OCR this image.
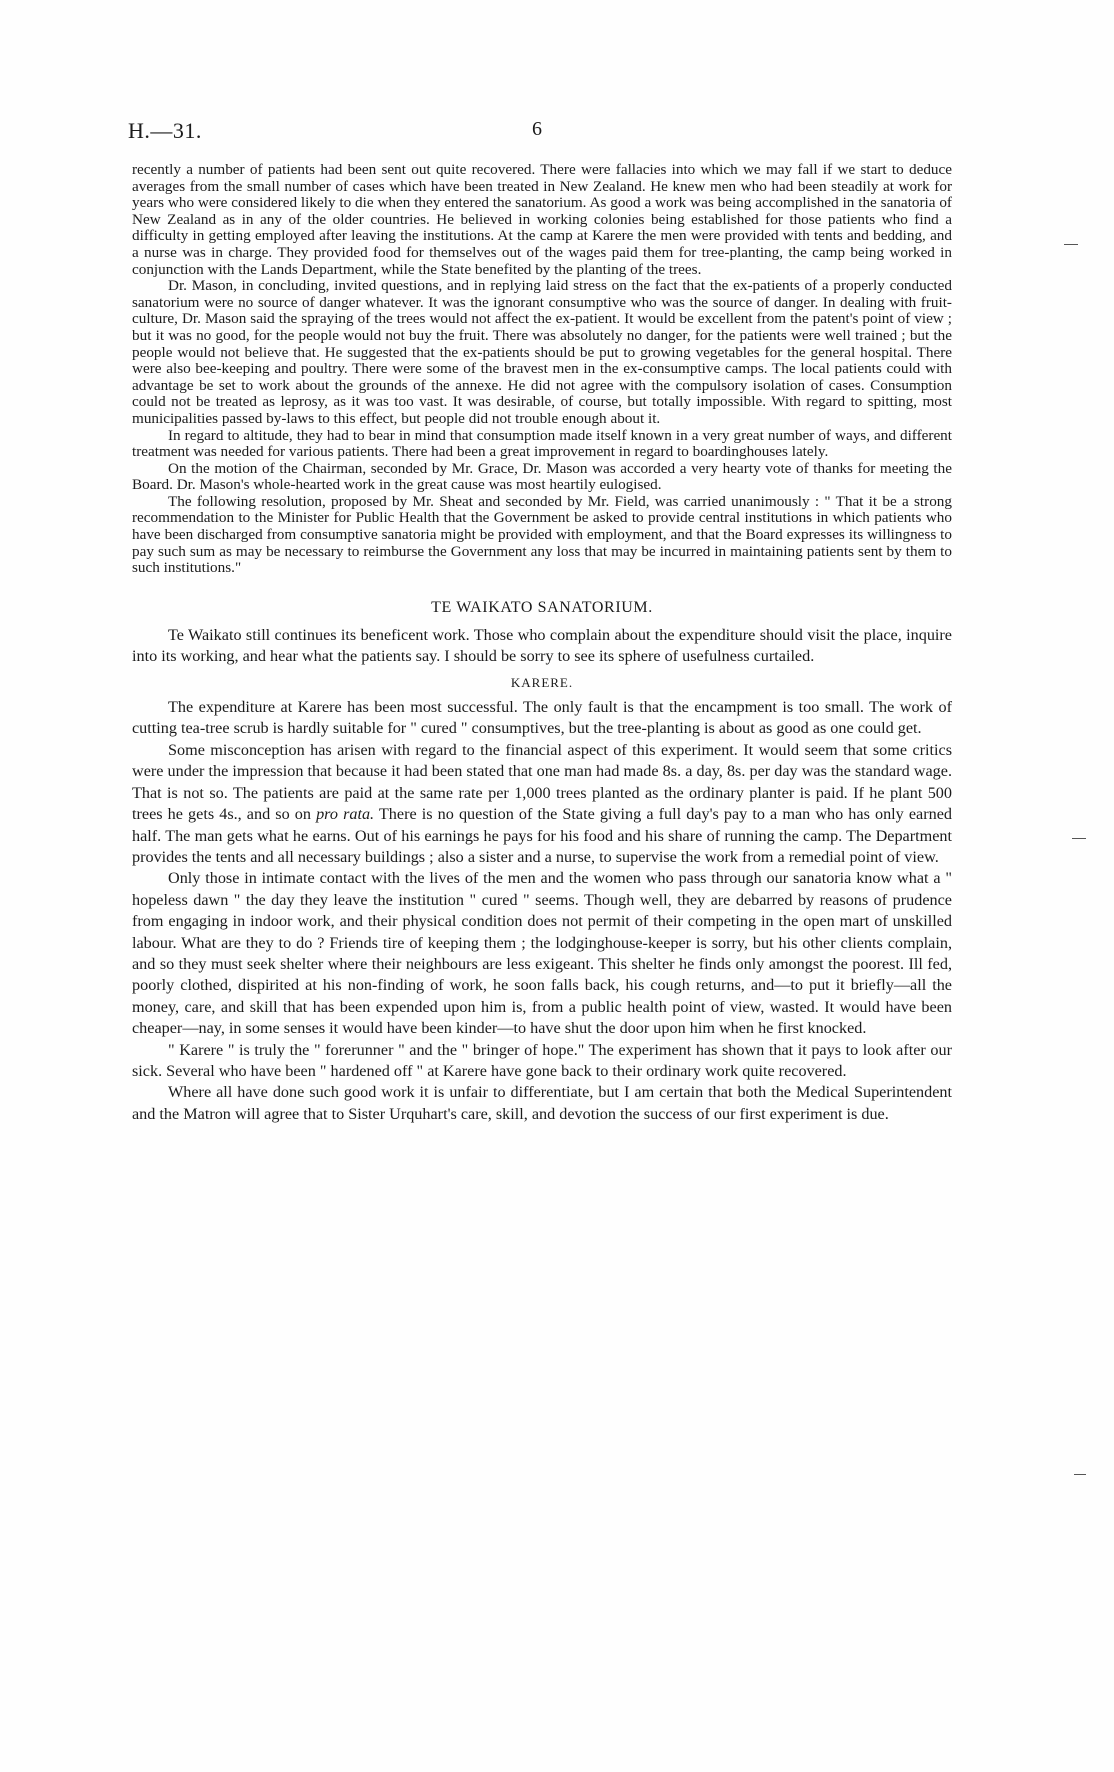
H.—31.	6

recently a number of patients had been sent out quite recovered. There were fallacies into which we may fall if we start to deduce averages from the small number of cases which have been treated in New Zealand. He knew men who had been steadily at work for years who were considered likely to die when they entered the sanatorium. As good a work was being accomplished in the sanatoria of New Zealand as in any of the older countries. He believed in working colonies being established for those patients who find a difficulty in getting employed after leaving the institutions. At the camp at Karere the men were provided with tents and bedding, and a nurse was in charge. They provided food for themselves out of the wages paid them for tree-planting, the camp being worked in conjunction with the Lands Department, while the State benefited by the planting of the trees.

Dr. Mason, in concluding, invited questions, and in replying laid stress on the fact that the ex-patients of a properly conducted sanatorium were no source of danger whatever. It was the ignorant consumptive who was the source of danger. In dealing with fruit-culture, Dr. Mason said the spraying of the trees would not affect the ex-patient. It would be excellent from the patent's point of view ; but it was no good, for the people would not buy the fruit. There was absolutely no danger, for the patients were well trained ; but the people would not believe that. He suggested that the ex-patients should be put to growing vegetables for the general hospital. There were also bee-keeping and poultry. There were some of the bravest men in the ex-consumptive camps. The local patients could with advantage be set to work about the grounds of the annexe. He did not agree with the compulsory isolation of cases. Consumption could not be treated as leprosy, as it was too vast. It was desirable, of course, but totally impossible. With regard to spitting, most municipalities passed by-laws to this effect, but people did not trouble enough about it.

In regard to altitude, they had to bear in mind that consumption made itself known in a very great number of ways, and different treatment was needed for various patients. There had been a great improvement in regard to boardinghouses lately.

On the motion of the Chairman, seconded by Mr. Grace, Dr. Mason was accorded a very hearty vote of thanks for meeting the Board. Dr. Mason's whole-hearted work in the great cause was most heartily eulogised.

The following resolution, proposed by Mr. Sheat and seconded by Mr. Field, was carried unanimously : " That it be a strong recommendation to the Minister for Public Health that the Government be asked to provide central institutions in which patients who have been discharged from consumptive sanatoria might be provided with employment, and that the Board expresses its willingness to pay such sum as may be necessary to reimburse the Government any loss that may be incurred in maintaining patients sent by them to such institutions."

TE WAIKATO SANATORIUM.

Te Waikato still continues its beneficent work. Those who complain about the expenditure should visit the place, inquire into its working, and hear what the patients say. I should be sorry to see its sphere of usefulness curtailed.

KARERE.

The expenditure at Karere has been most successful. The only fault is that the encampment is too small. The work of cutting tea-tree scrub is hardly suitable for " cured " consumptives, but the tree-planting is about as good as one could get.

Some misconception has arisen with regard to the financial aspect of this experiment. It would seem that some critics were under the impression that because it had been stated that one man had made 8s. a day, 8s. per day was the standard wage. That is not so. The patients are paid at the same rate per 1,000 trees planted as the ordinary planter is paid. If he plant 500 trees he gets 4s., and so on pro rata. There is no question of the State giving a full day's pay to a man who has only earned half. The man gets what he earns. Out of his earnings he pays for his food and his share of running the camp. The Department provides the tents and all necessary buildings ; also a sister and a nurse, to supervise the work from a remedial point of view.

Only those in intimate contact with the lives of the men and the women who pass through our sanatoria know what a " hopeless dawn " the day they leave the institution " cured " seems. Though well, they are debarred by reasons of prudence from engaging in indoor work, and their physical condition does not permit of their competing in the open mart of unskilled labour. What are they to do ? Friends tire of keeping them ; the lodginghouse-keeper is sorry, but his other clients complain, and so they must seek shelter where their neighbours are less exigeant. This shelter he finds only amongst the poorest. Ill fed, poorly clothed, dispirited at his non-finding of work, he soon falls back, his cough returns, and—to put it briefly—all the money, care, and skill that has been expended upon him is, from a public health point of view, wasted. It would have been cheaper—nay, in some senses it would have been kinder—to have shut the door upon him when he first knocked.

" Karere " is truly the " forerunner " and the " bringer of hope." The experiment has shown that it pays to look after our sick. Several who have been " hardened off " at Karere have gone back to their ordinary work quite recovered.

Where all have done such good work it is unfair to differentiate, but I am certain that both the Medical Superintendent and the Matron will agree that to Sister Urquhart's care, skill, and devotion the success of our first experiment is due.
